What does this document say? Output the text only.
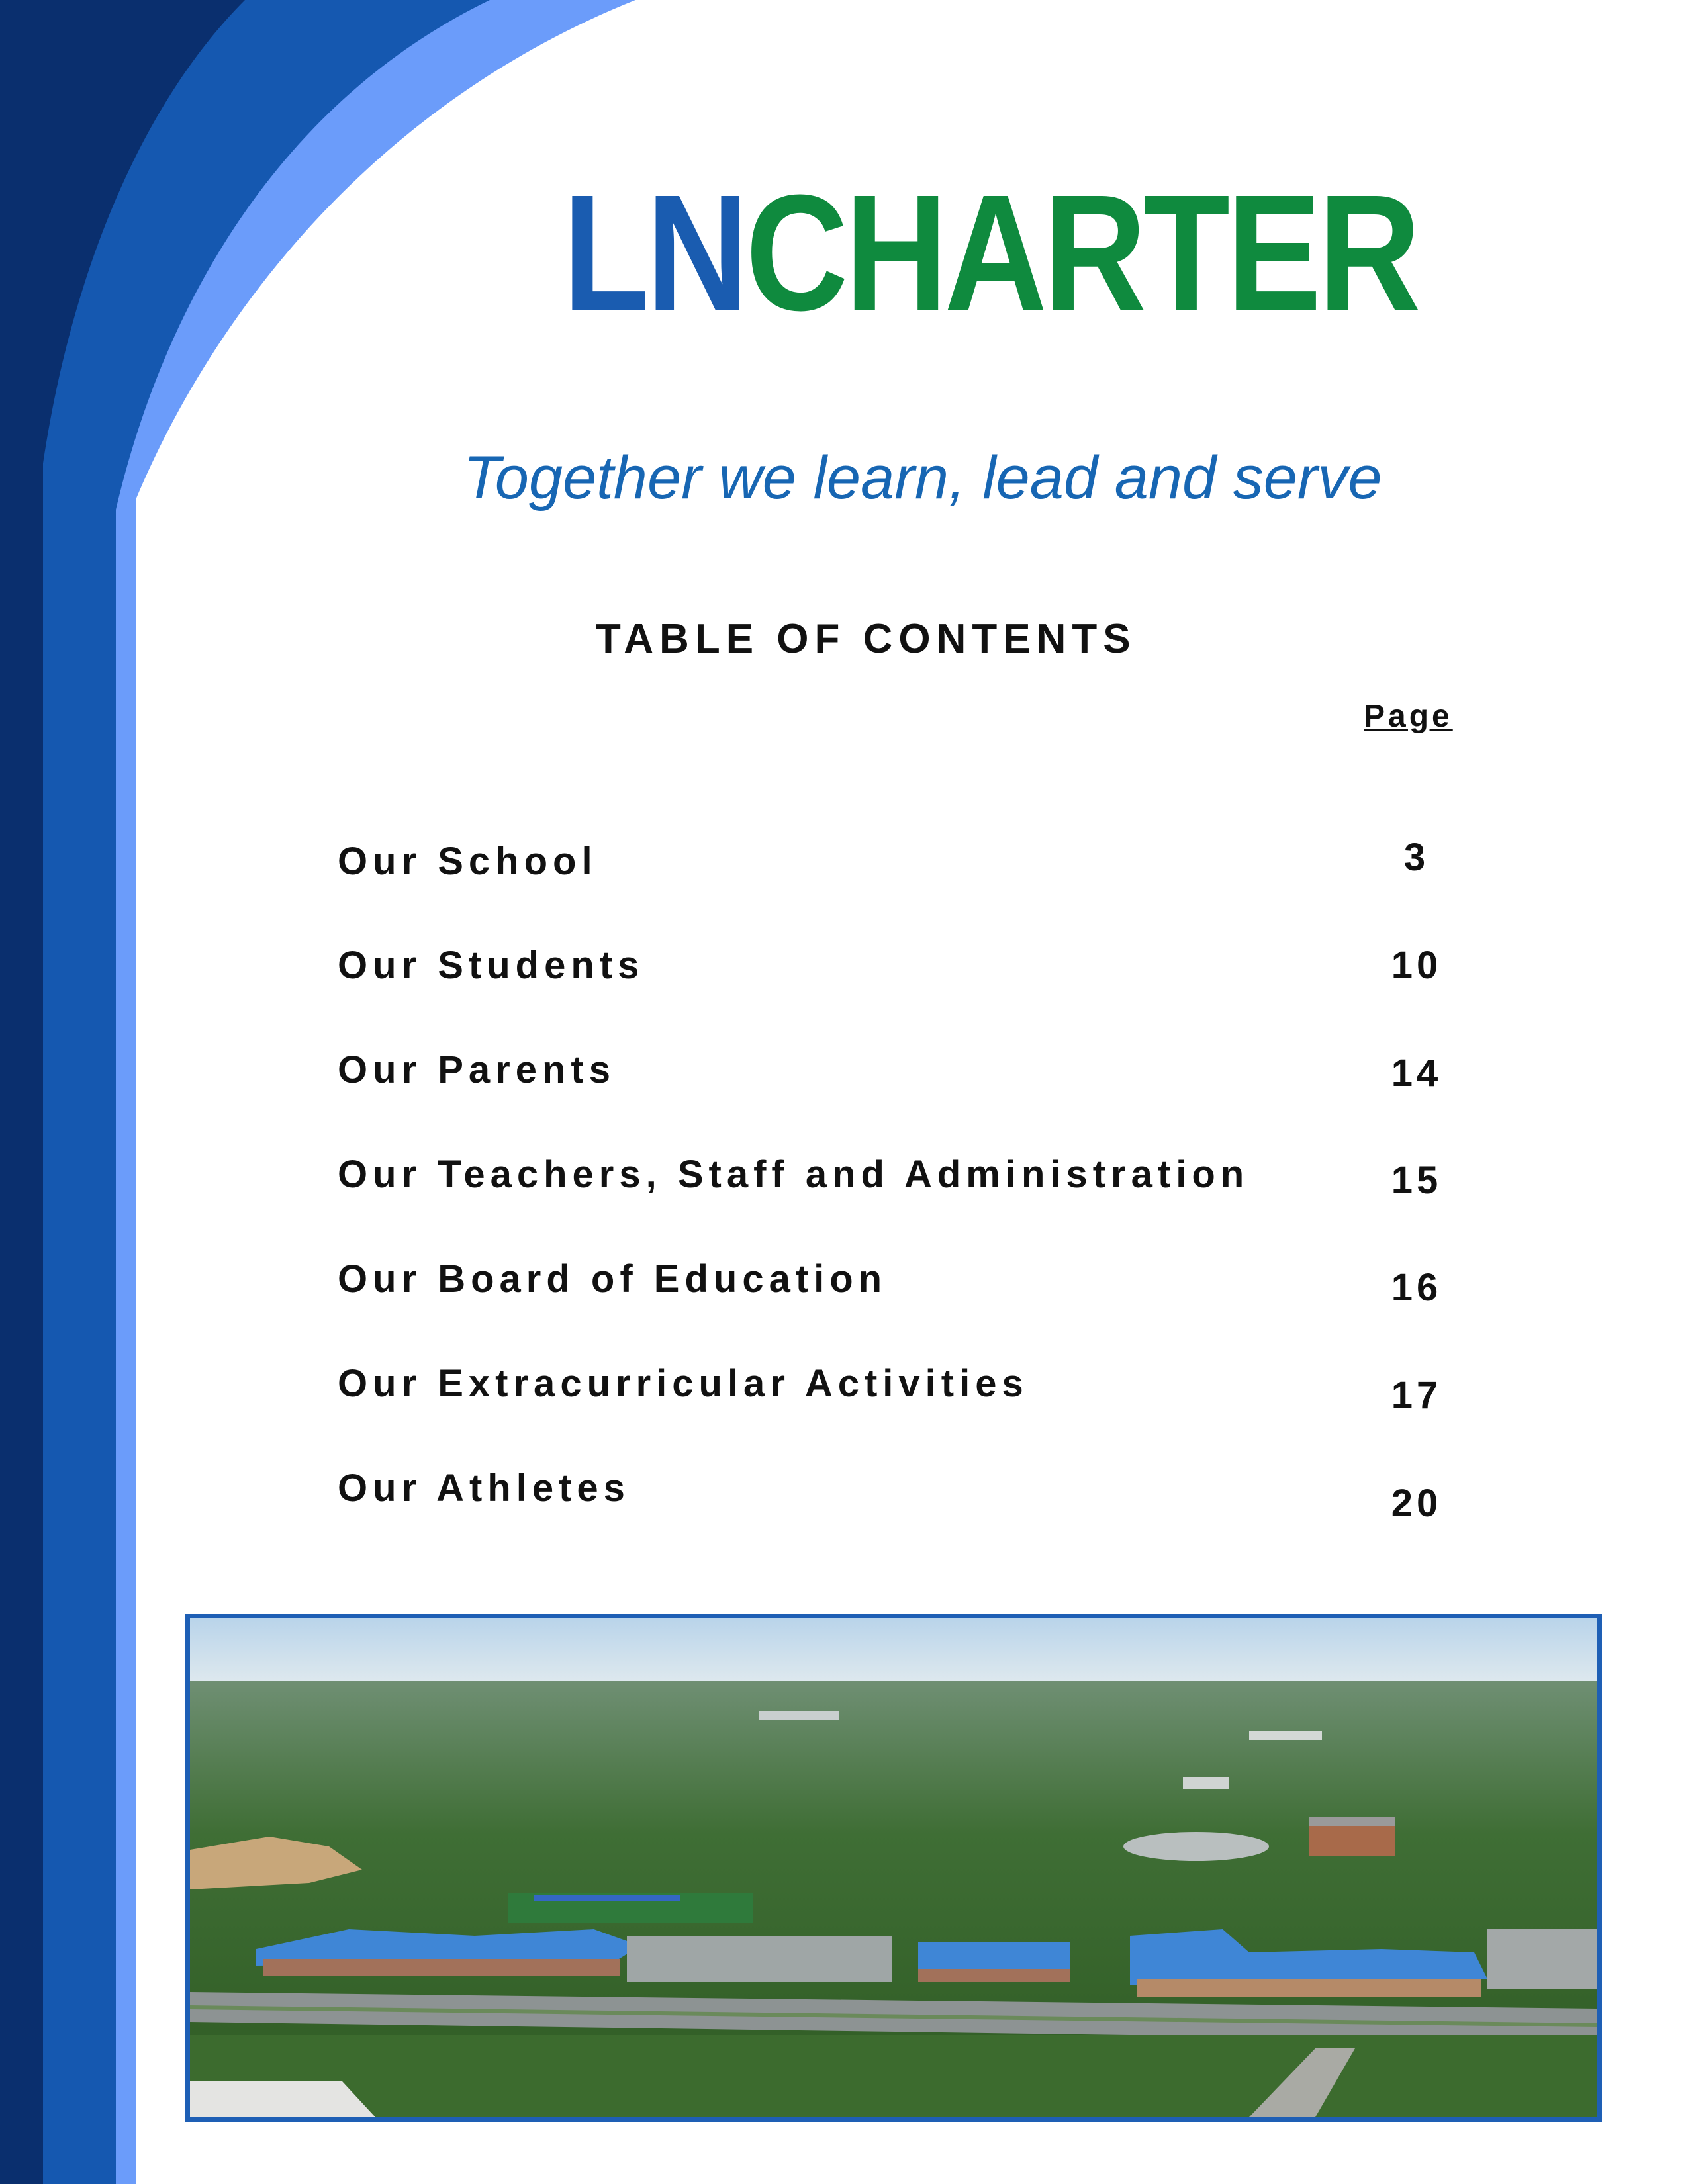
LNCHARTER
Together we learn, lead and serve
TABLE OF CONTENTS
Page
Our School	3
Our Students	10
Our Parents	14
Our Teachers, Staff and Administration	15
Our Board of Education	16
Our Extracurricular Activities	17
Our Athletes	20
